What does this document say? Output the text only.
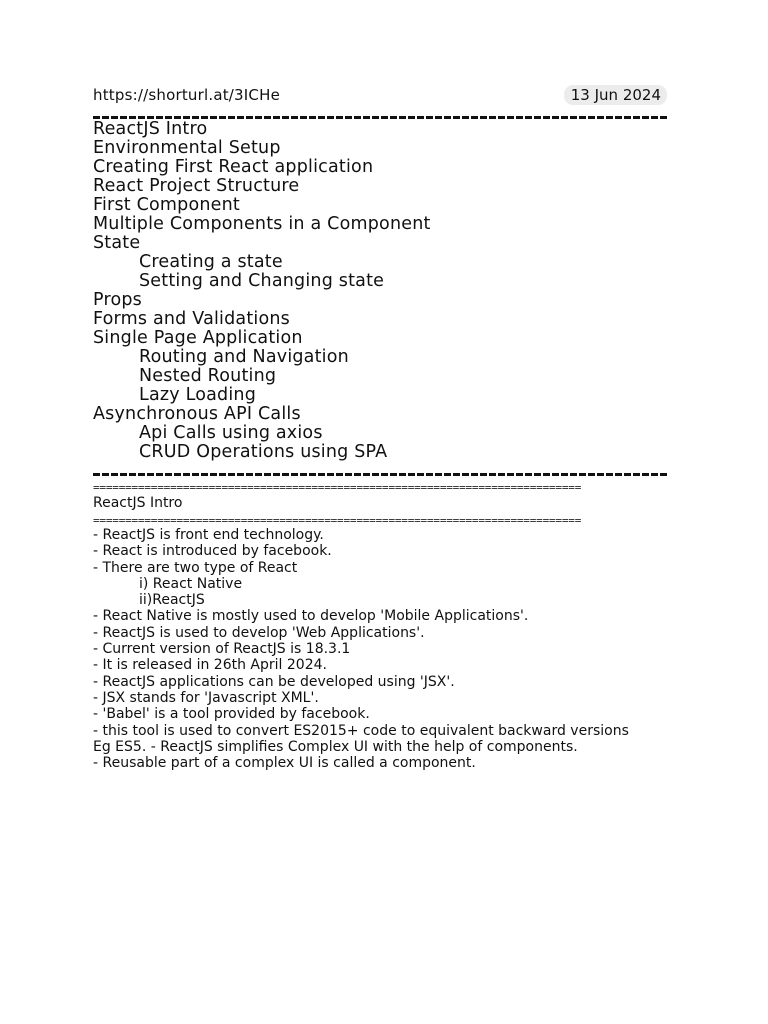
https://shorturl.at/3ICHe	13 Jun 2024
ReactJS Intro
Environmental Setup
Creating First React application
React Project Structure
First Component
Multiple Components in a Component
State
Creating a state
Setting and Changing state
Props
Forms and Validations
Single Page Application
Routing and Navigation
Nested Routing
Lazy Loading
Asynchronous API Calls
Api Calls using axios
CRUD Operations using SPA
============================================================================
ReactJS Intro
============================================================================
- ReactJS is front end technology.
- React is introduced by facebook.
- There are two type of React
i) React Native
ii)ReactJS
- React Native is mostly used to develop 'Mobile Applications'.
- ReactJS is used to develop 'Web Applications'.
- Current version of ReactJS is 18.3.1
- It is released in 26th April 2024.
- ReactJS applications can be developed using 'JSX'.
- JSX stands for 'Javascript XML'.
- 'Babel' is a tool provided by facebook.
- this tool is used to convert ES2015+ code to equivalent backward versions Eg ES5. - ReactJS simplifies Complex UI with the help of components.
- Reusable part of a complex UI is called a component.
